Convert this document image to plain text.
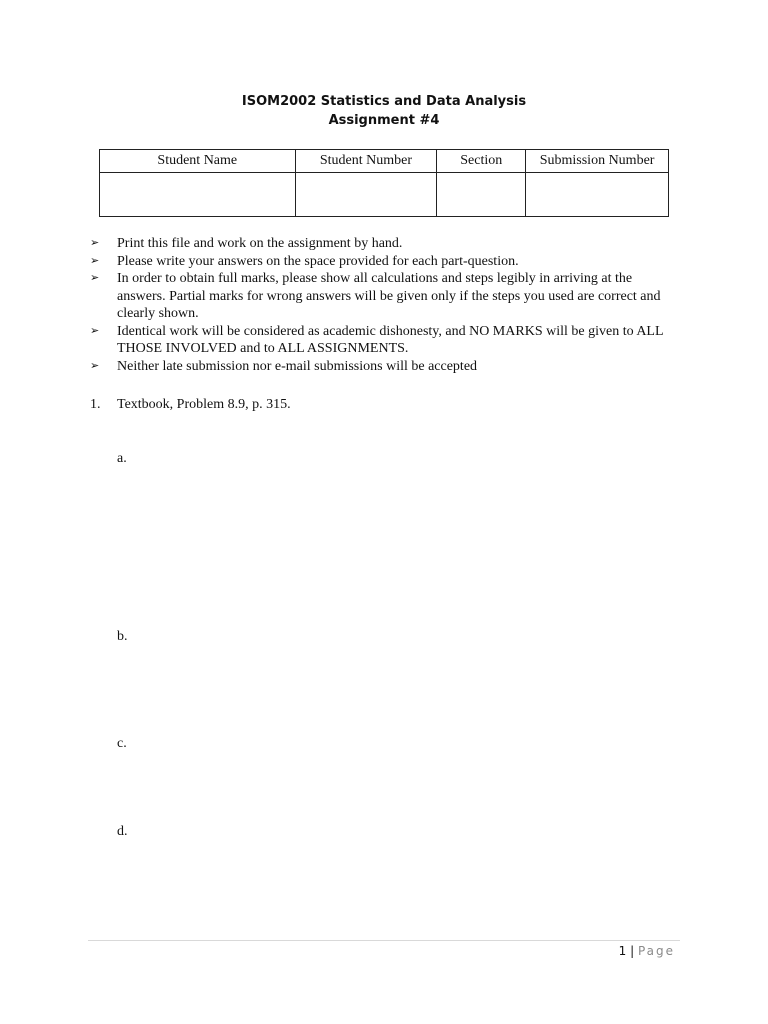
ISOM2002 Statistics and Data Analysis
Assignment #4
Student Name	Student Number	Section	Submission Number

➢ Print this file and work on the assignment by hand.
➢ Please write your answers on the space provided for each part-question.
➢ In order to obtain full marks, please show all calculations and steps legibly in arriving at the answers. Partial marks for wrong answers will be given only if the steps you used are correct and clearly shown.
➢ Identical work will be considered as academic dishonesty, and NO MARKS will be given to ALL THOSE INVOLVED and to ALL ASSIGNMENTS.
➢ Neither late submission nor e-mail submissions will be accepted
1. Textbook, Problem 8.9, p. 315.
a.
b.
c.
d.
1 | Page
